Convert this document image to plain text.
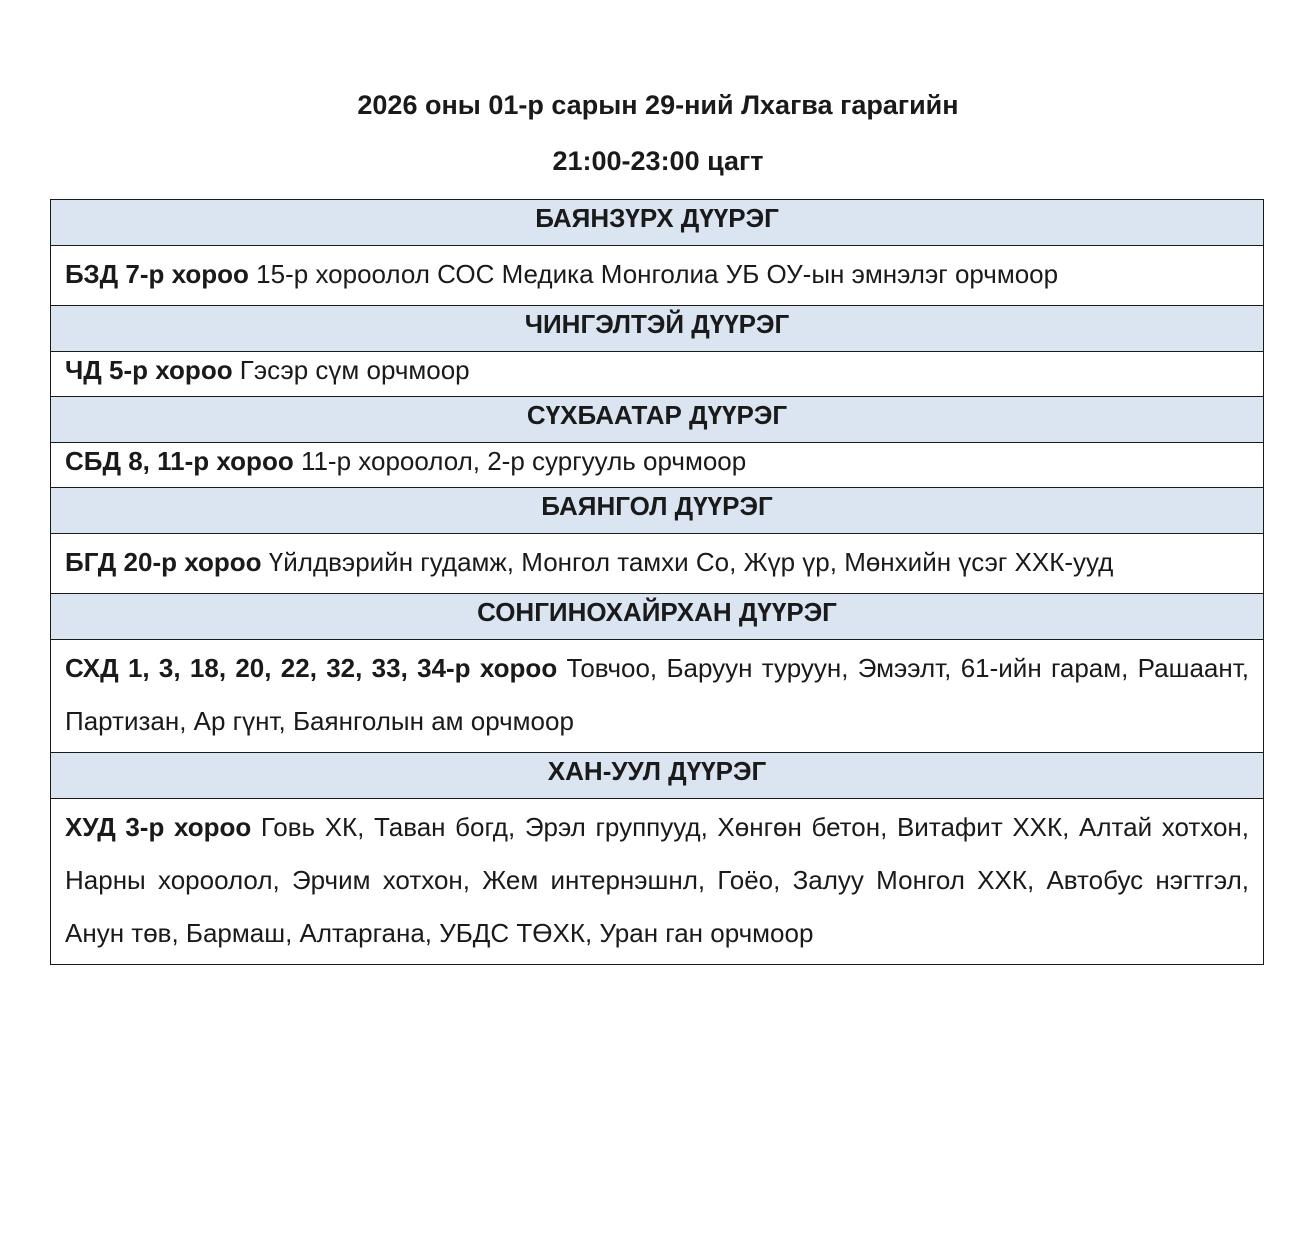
2026 оны 01-р сарын 29-ний Лхагва гарагийн
21:00-23:00 цагт
БАЯНЗҮРХ ДҮҮРЭГ
БЗД 7-р хороо 15-р хороолол СОС Медика Монголиа УБ ОУ-ын эмнэлэг орчмоор
ЧИНГЭЛТЭЙ ДҮҮРЭГ
ЧД 5-р хороо Гэсэр сүм орчмоор
СҮХБААТАР ДҮҮРЭГ
СБД 8, 11-р хороо 11-р хороолол, 2-р сургууль орчмоор
БАЯНГОЛ ДҮҮРЭГ
БГД 20-р хороо Үйлдвэрийн гудамж, Монгол тамхи Со, Жүр үр, Мөнхийн үсэг ХХК-ууд
СОНГИНОХАЙРХАН ДҮҮРЭГ
СХД 1, 3, 18, 20, 22, 32, 33, 34-р хороо Товчоо, Баруун туруун, Эмээлт, 61-ийн гарам, Рашаант, Партизан, Ар гүнт, Баянголын ам орчмоор
ХАН-УУЛ ДҮҮРЭГ
ХУД 3-р хороо Говь ХК, Таван богд, Эрэл группууд, Хөнгөн бетон, Витафит ХХК, Алтай хотхон, Нарны хороолол, Эрчим хотхон, Жем интернэшнл, Гоёо, Залуу Монгол ХХК, Автобус нэгтгэл, Анун төв, Бармаш, Алтаргана, УБДС ТӨХК, Уран ган орчмоор
